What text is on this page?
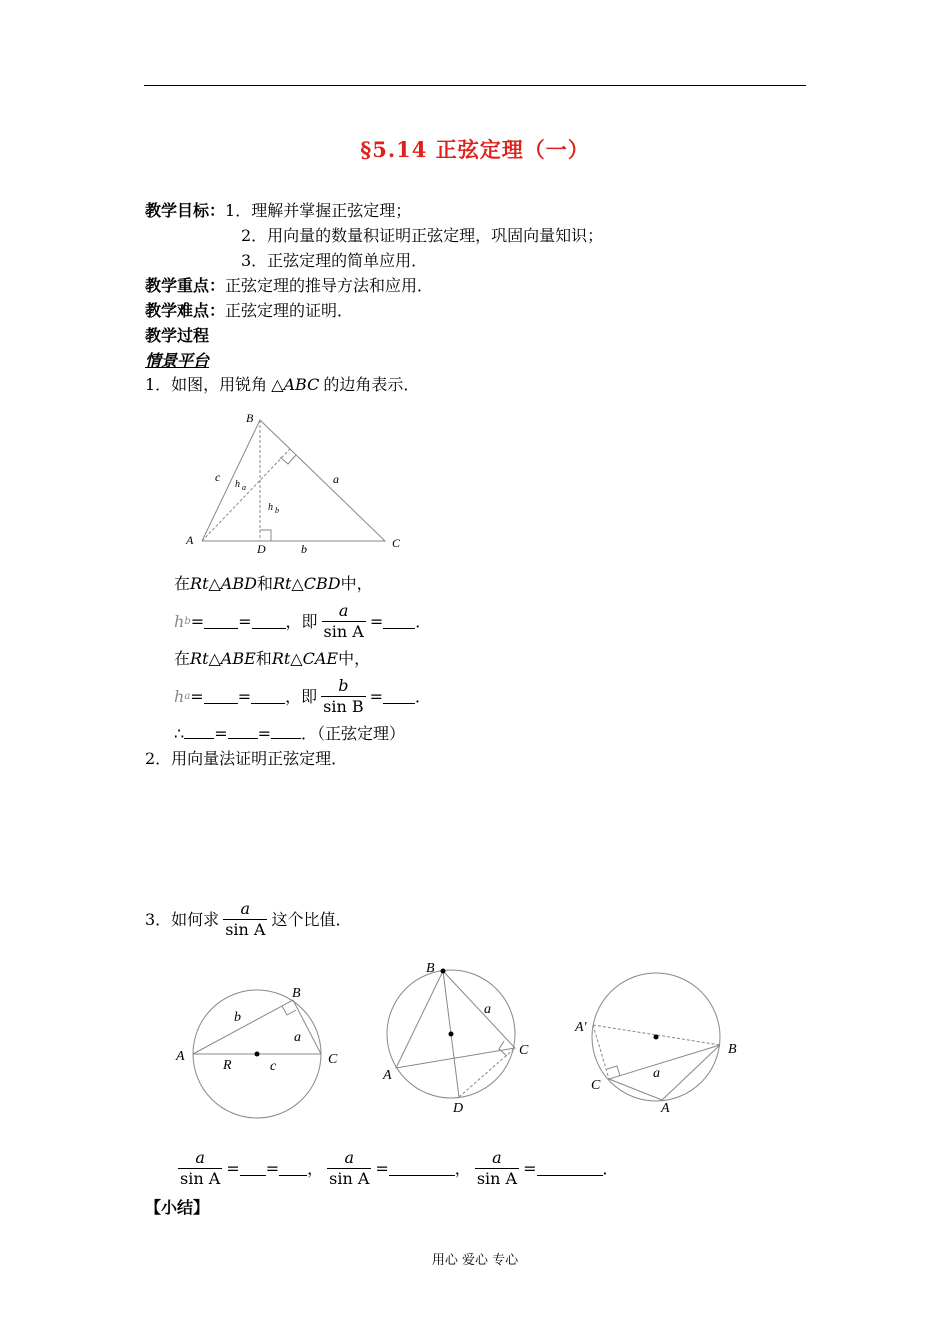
§5.14 正弦定理（一）
教学目标：1．理解并掌握正弦定理；
2．用向量的数量积证明正弦定理，巩固向量知识；
3．正弦定理的简单应用．
教学重点：正弦定理的推导方法和应用．
教学难点：正弦定理的证明．
教学过程
情景平台
1．如图，用锐角 △ABC 的边角表示．
B
A	C
D
c	a
b
h a
h b
在Rt△ABD和Rt△CBD中，
h b = = ，即 $\frac{a}{\text{sin A}}$ = ．
在Rt△ABE和Rt△CAE中，
h a = = ，即 $\frac{b}{\text{sin B}}$ = ．
∴ = = ．（正弦定理）
2．用向量法证明正弦定理．
3．如何求 $\frac{a}{\text{sin A}}$ 这个比值．
A
B
C
b
a
R	c
B
A
C
D
a
A′
B
C
A
a
$\frac{a}{\text{sin A}}$ = = ， $\frac{a}{\text{sin A}}$ =	， $\frac{a}{\text{sin A}}$ =	．
【小结】
用心 爱心 专心
